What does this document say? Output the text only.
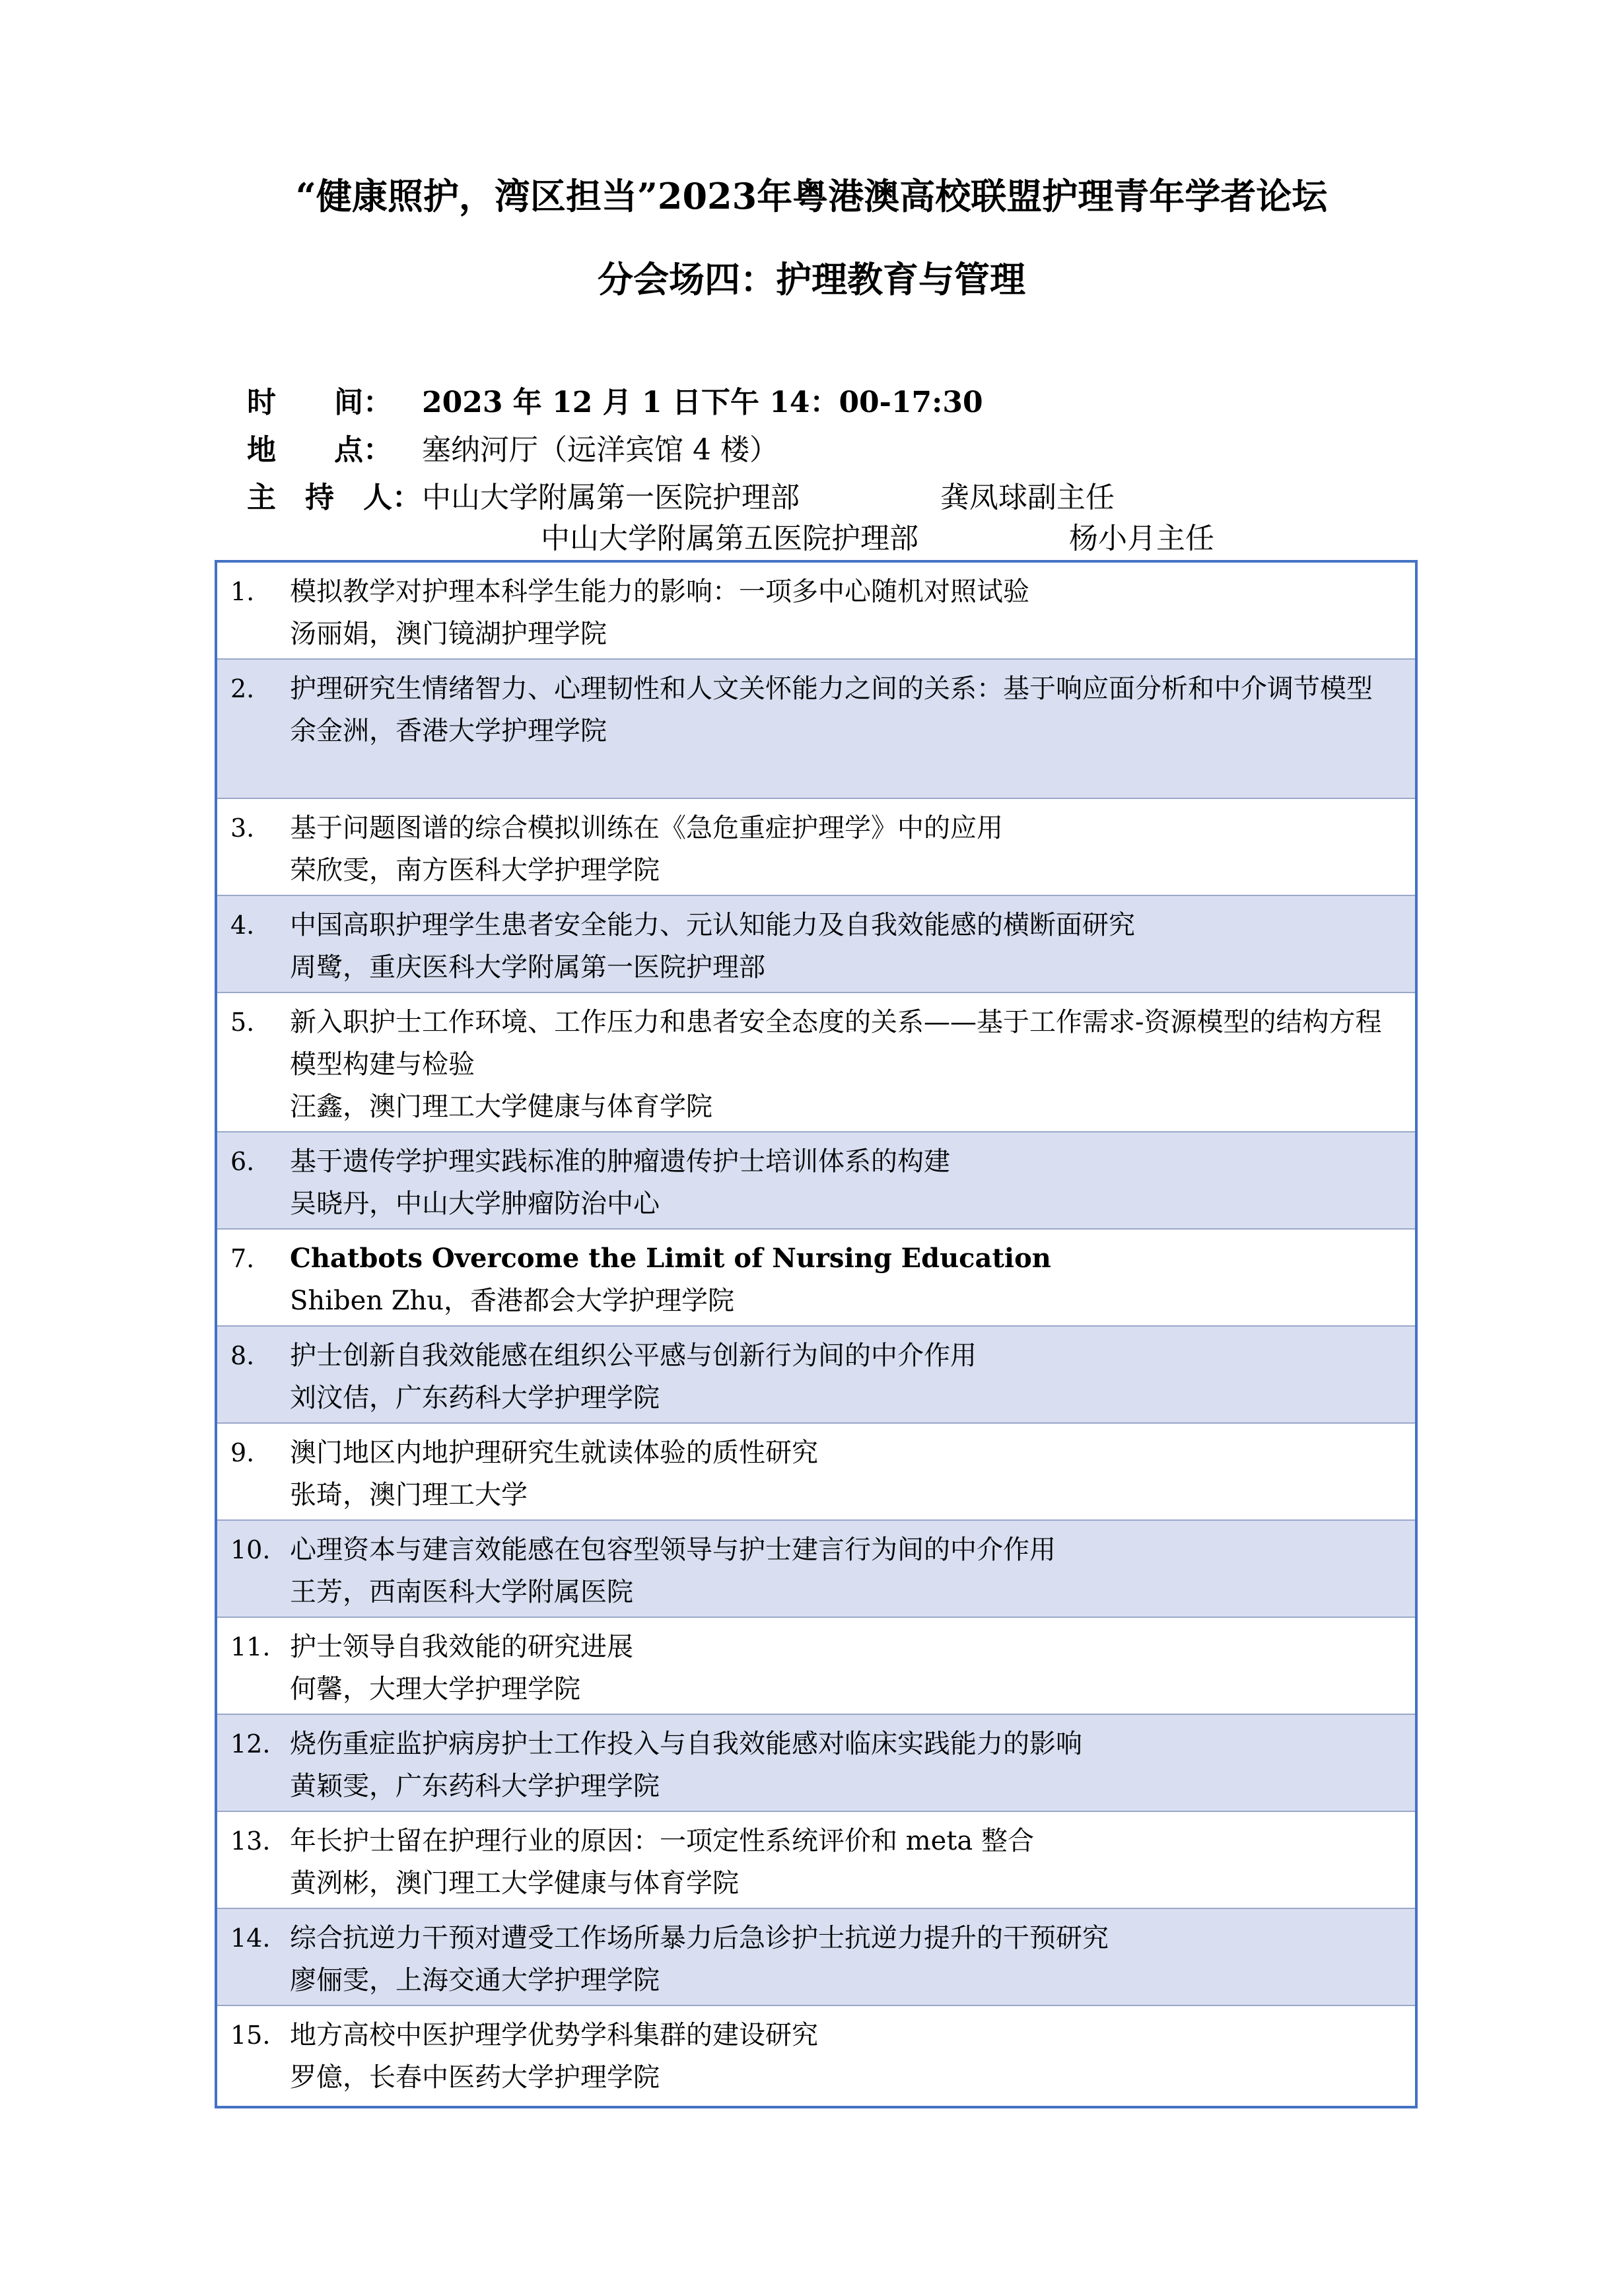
“健康照护，湾区担当”2023年粤港澳高校联盟护理青年学者论坛
分会场四：护理教育与管理
时　　间： 2023 年 12 月 1 日下午 14：00-17:30
地　　点： 塞纳河厅（远洋宾馆 4 楼）
主　持　人：中山大学附属第一医院护理部	龚凤球副主任
中山大学附属第五医院护理部	杨小月主任
1.	模拟教学对护理本科学生能力的影响：一项多中心随机对照试验
汤丽娟，澳门镜湖护理学院
2.	护理研究生情绪智力、心理韧性和人文关怀能力之间的关系：基于响应面分析和中介调节模型
余金洲，香港大学护理学院
3.	基于问题图谱的综合模拟训练在《急危重症护理学》中的应用
荣欣雯，南方医科大学护理学院
4.	中国高职护理学生患者安全能力、元认知能力及自我效能感的横断面研究
周鹭，重庆医科大学附属第一医院护理部
5.	新入职护士工作环境、工作压力和患者安全态度的关系——基于工作需求-资源模型的结构方程模型构建与检验
汪鑫，澳门理工大学健康与体育学院
6.	基于遗传学护理实践标准的肿瘤遗传护士培训体系的构建
吴晓丹，中山大学肿瘤防治中心
7.	Chatbots Overcome the Limit of Nursing Education
Shiben Zhu，香港都会大学护理学院
8.	护士创新自我效能感在组织公平感与创新行为间的中介作用
刘汶佶，广东药科大学护理学院
9.	澳门地区内地护理研究生就读体验的质性研究
张琦，澳门理工大学
10. 心理资本与建言效能感在包容型领导与护士建言行为间的中介作用
王芳，西南医科大学附属医院
11. 护士领导自我效能的研究进展
何馨，大理大学护理学院
12. 烧伤重症监护病房护士工作投入与自我效能感对临床实践能力的影响
黄颖雯，广东药科大学护理学院
13. 年长护士留在护理行业的原因：一项定性系统评价和 meta 整合
黄洌彬，澳门理工大学健康与体育学院
14. 综合抗逆力干预对遭受工作场所暴力后急诊护士抗逆力提升的干预研究
廖俪雯，上海交通大学护理学院
15. 地方高校中医护理学优势学科集群的建设研究
罗億，长春中医药大学护理学院
